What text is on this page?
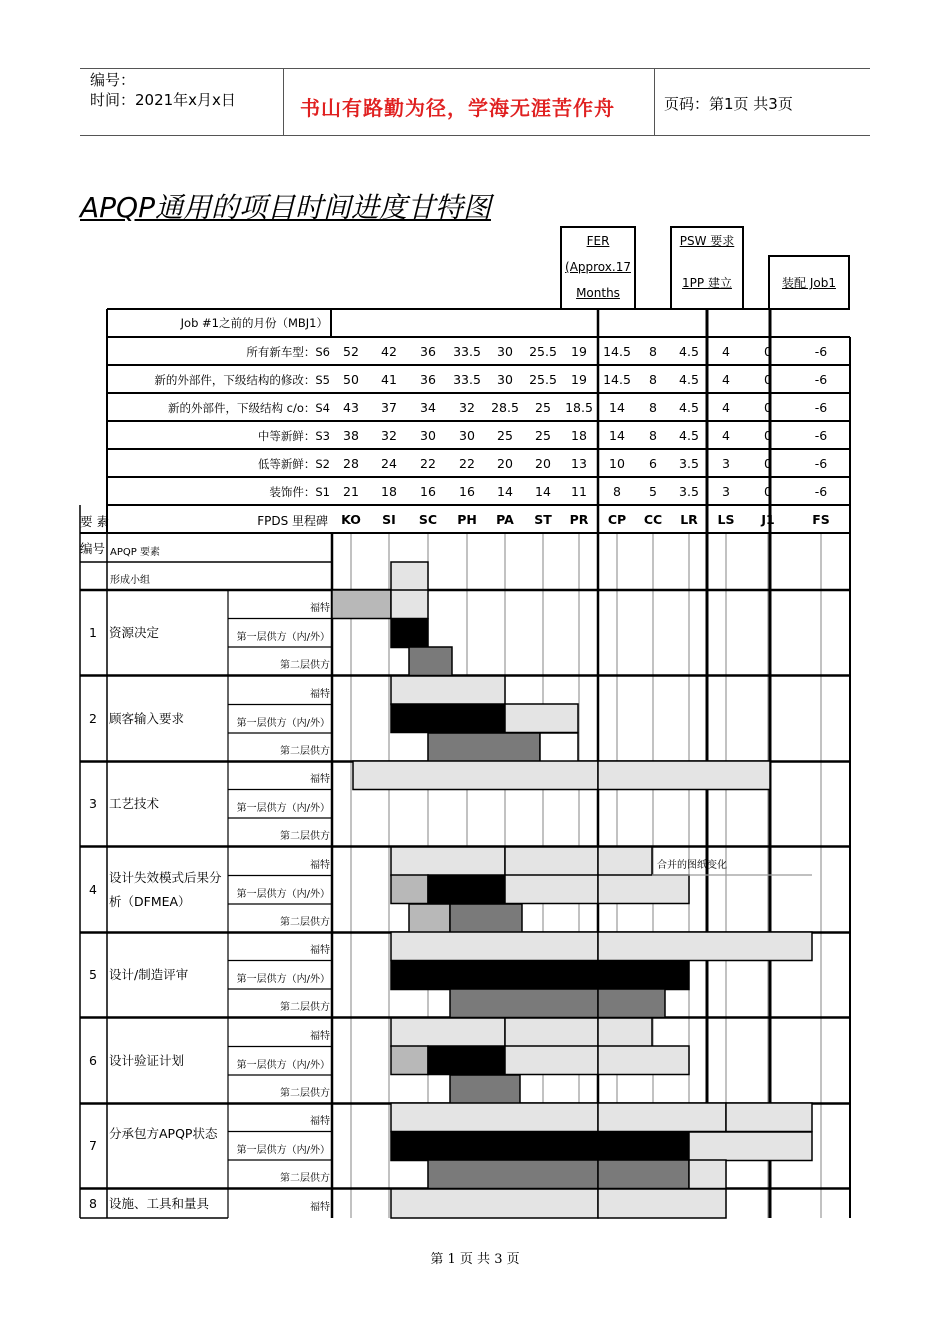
编号：
时间：2021年x月x日	书山有路勤为径，学海无涯苦作舟	页码：第1页 共3页
APQP通用的项目时间进度甘特图
FER
(Approx.17
Months
PSW 要求
1PP 建立	装配 Job1
Job #1之前的月份（MBJ1）
所有新车型：S6	52	42	36	33.5	30	25.5	19	14.5	8	4.5	4	0	-6
新的外部件，下级结构的修改：S5	50	41	36	33.5	30	25.5	19	14.5	8	4.5	4	0	-6
新的外部件，下级结构 c/o：S4	43	37	34	32	28.5	25	18.5	14	8	4.5	4	0	-6
中等新鲜：S3	38	32	30	30	25	25	18	14	8	4.5	4	0	-6
低等新鲜：S2	28	24	22	22	20	20	13	10	6	3.5	3	0	-6
装饰件：S1	21	18	16	16	14	14	11	8	5	3.5	3	0	-6
KO	SI	SC	PH	PA	ST	PR	CP	CC	LR	LS	J1	FS
FPDS 里程碑
要 素
编号 APQP 要素
形成小组
1 资源决定
福特
第一层供方（内/外）
第二层供方
2 顾客输入要求
福特
第一层供方（内/外）
第二层供方
3 工艺技术
福特
第一层供方（内/外）
第二层供方
4
设计失效模式后果分析（DFMEA）
福特
第一层供方（内/外）
第二层供方
5 设计/制造评审
福特
第一层供方（内/外）
第二层供方
6 设计验证计划
福特
第一层供方（内/外）
第二层供方
7
分承包方APQP状态
福特
第一层供方（内/外）
第二层供方
8 设施、工具和量具	福特
合并的图纸变化
第 1 页 共 3 页
